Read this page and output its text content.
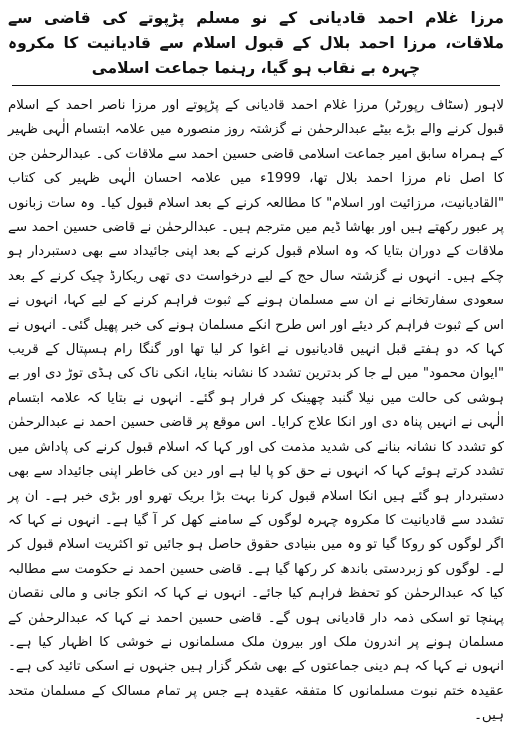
مرزا غلام احمد قادیانی کے نو مسلم پڑپوتے کی قاضی سے ملاقات، مرزا احمد بلال کے قبول اسلام سے قادیانیت کا مکروہ چہرہ بے نقاب ہو گیا، رہنما جماعت اسلامی

لاہور (سٹاف رپورٹر) مرزا غلام احمد قادیانی کے پڑپوتے اور مرزا ناصر احمد کے اسلام قبول کرنے والے بڑے بیٹے عبدالرحمٰن نے گزشتہ روز منصورہ میں علامہ ابتسام الٰہی ظہیر کے ہمراہ سابق امیر جماعت اسلامی قاضی حسین احمد سے ملاقات کی۔ عبدالرحمٰن جن کا اصل نام مرزا احمد بلال تھا، 1999ء میں علامہ احسان الٰہی ظہیر کی کتاب "القادیانیت، مرزائیت اور اسلام" کا مطالعہ کرنے کے بعد اسلام قبول کیا۔ وہ سات زبانوں پر عبور رکھتے ہیں اور بھاشا ڈیم میں مترجم ہیں۔ عبدالرحمٰن نے قاضی حسین احمد سے ملاقات کے دوران بتایا کہ وہ اسلام قبول کرنے کے بعد اپنی جائیداد سے بھی دستبردار ہو چکے ہیں۔ انہوں نے گزشتہ سال حج کے لیے درخواست دی تھی ریکارڈ چیک کرنے کے بعد سعودی سفارتخانے نے ان سے مسلمان ہونے کے ثبوت فراہم کرنے کے لیے کہا، انہوں نے اس کے ثبوت فراہم کر دیئے اور اس طرح انکے مسلمان ہونے کی خبر پھیل گئی۔ انہوں نے کہا کہ دو ہفتے قبل انہیں قادیانیوں نے اغوا کر لیا تھا اور گنگا رام ہسپتال کے قریب "ایوان محمود" میں لے جا کر بدترین تشدد کا نشانہ بنایا، انکی ناک کی ہڈی توڑ دی اور بے ہوشی کی حالت میں نیلا گنبد چھینک کر فرار ہو گئے۔ انہوں نے بتایا کہ علامہ ابتسام الٰہی نے انہیں پناہ دی اور انکا علاج کرایا۔ اس موقع پر قاضی حسین احمد نے عبدالرحمٰن کو تشدد کا نشانہ بنانے کی شدید مذمت کی اور کہا کہ اسلام قبول کرنے کی پاداش میں تشدد کرتے ہوئے کہا کہ انہوں نے حق کو پا لیا ہے اور دین کی خاطر اپنی جائیداد سے بھی دستبردار ہو گئے ہیں انکا اسلام قبول کرنا بہت بڑا بریک تھرو اور بڑی خبر ہے۔ ان پر تشدد سے قادیانیت کا مکروہ چہرہ لوگوں کے سامنے کھل کر آ گیا ہے۔ انہوں نے کہا کہ اگر لوگوں کو روکا گیا تو وہ میں بنیادی حقوق حاصل ہو جائیں تو اکثریت اسلام قبول کر لے۔ لوگوں کو زبردستی باندھ کر رکھا گیا ہے۔ قاضی حسین احمد نے حکومت سے مطالبہ کیا کہ عبدالرحمٰن کو تحفظ فراہم کیا جائے۔ انہوں نے کہا کہ انکو جانی و مالی نقصان پہنچا تو اسکی ذمہ دار قادیانی ہوں گے۔ قاضی حسین احمد نے کہا کہ عبدالرحمٰن کے مسلمان ہونے پر اندرون ملک اور بیرون ملک مسلمانوں نے خوشی کا اظہار کیا ہے۔ انہوں نے کہا کہ ہم دینی جماعتوں کے بھی شکر گزار ہیں جنہوں نے اسکی تائید کی ہے۔ عقیدہ ختم نبوت مسلمانوں کا متفقہ عقیدہ ہے جس پر تمام مسالک کے مسلمان متحد ہیں۔
